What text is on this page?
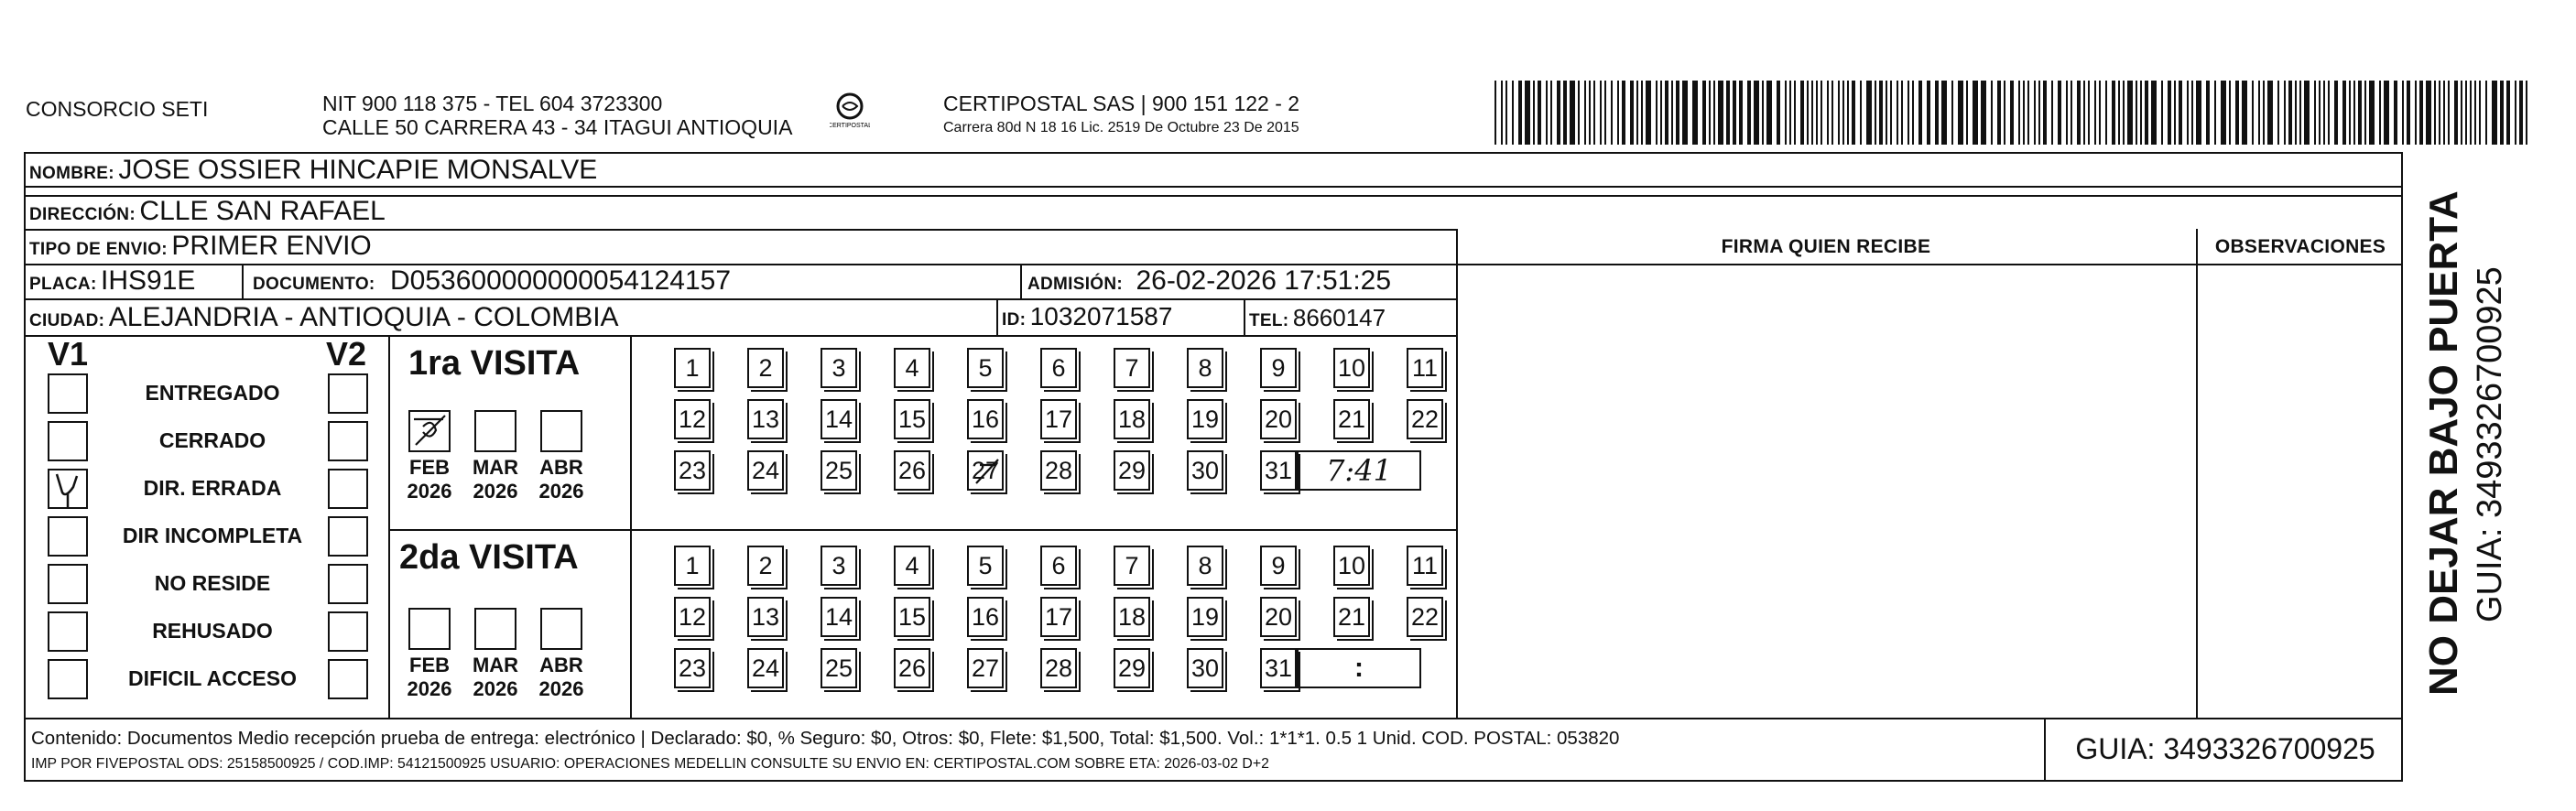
CONSORCIO SETI	NIT 900 118 375 - TEL 604 3723300
CALLE 50 CARRERA 43 - 34 ITAGUI ANTIOQUIA	CERTIPOSTAL
CERTIPOSTAL SAS | 900 151 122 - 2
Carrera 80d N 18 16 Lic. 2519 De Octubre 23 De 2015
NOMBRE: JOSE OSSIER HINCAPIE MONSALVE
DIRECCIÓN: CLLE SAN RAFAEL
TIPO DE ENVIO: PRIMER ENVIO	FIRMA QUIEN RECIBE	OBSERVACIONES
PLACA: IHS91E	DOCUMENTO: D053600000000054124157	ADMISIÓN: 26-02-2026 17:51:25
CIUDAD: ALEJANDRIA - ANTIOQUIA - COLOMBIA	ID: 1032071587	TEL: 8660147
V1	V2
ENTREGADO
CERRADO
DIR. ERRADA
DIR INCOMPLETA
NO RESIDE
REHUSADO
DIFICIL ACCESO
1ra VISITA
2da VISITA
FEB
2026
MAR
2026
ABR
2026
1	2	3	4	5	6	7	8	9	10 11
12 13 14 15 16 17 18 19 20 21 22
23 24 25 26 27 28 29 30 31	7:41
FEB
2026
MAR
2026
ABR
2026
1	2	3	4	5	6	7	8	9	10 11
12 13 14 15 16 17 18 19 20 21 22
23 24 25 26 27 28 29 30 31	:
Contenido: Documentos Medio recepción prueba de entrega: electrónico | Declarado: $0, % Seguro: $0, Otros: $0, Flete: $1,500, Total: $1,500. Vol.: 1*1*1. 0.5 1 Unid. COD. POSTAL: 053820
IMP POR FIVEPOSTAL ODS: 25158500925 / COD.IMP: 54121500925 USUARIO: OPERACIONES MEDELLIN CONSULTE SU ENVIO EN: CERTIPOSTAL.COM SOBRE ETA: 2026-03-02 D+2	GUIA: 3493326700925
NO DEJAR BAJO PUERTA GUIA: 3493326700925
